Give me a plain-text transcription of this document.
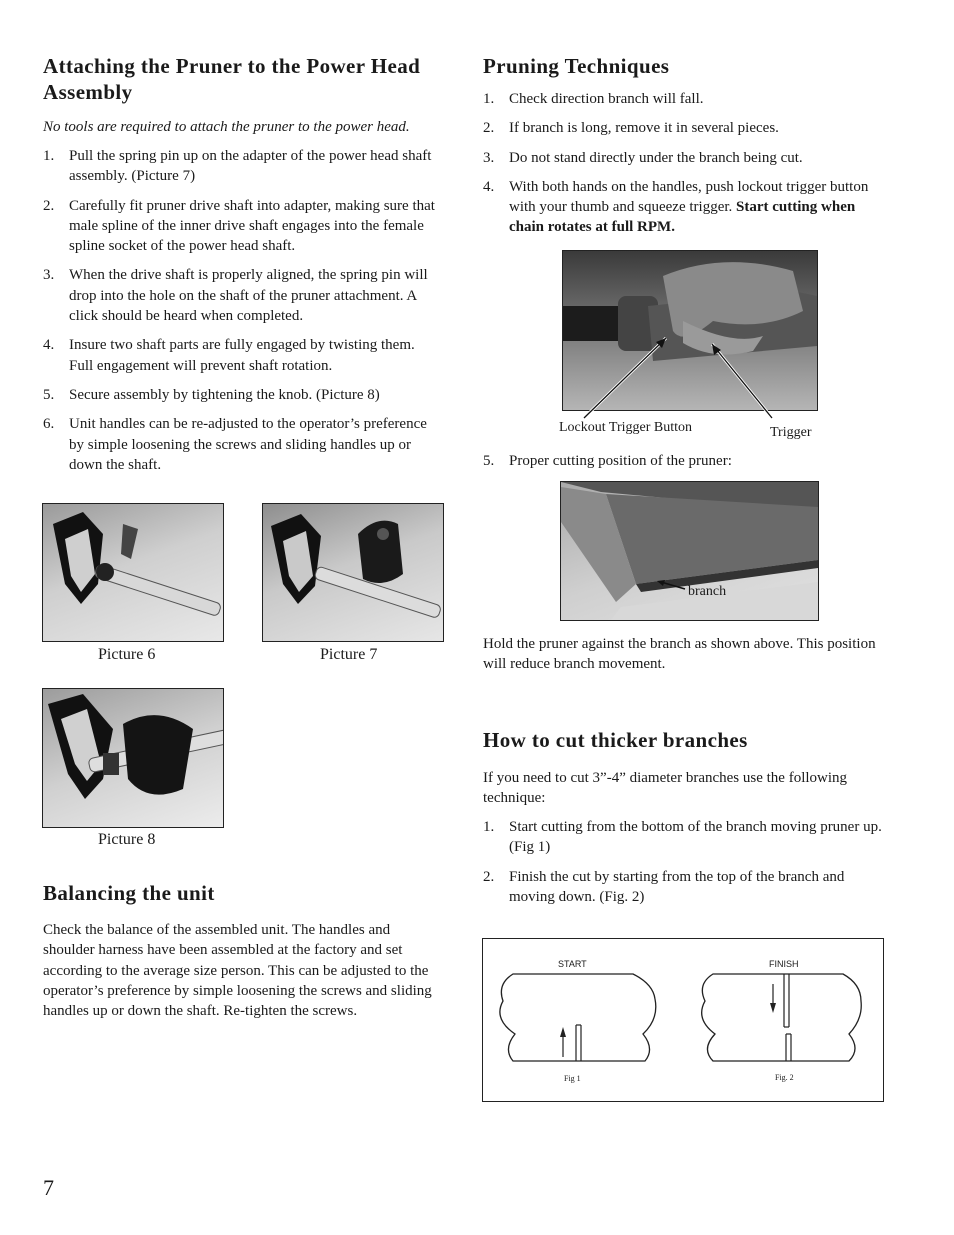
Attaching the Pruner to the Power Head Assembly

No tools are required to attach the pruner to the power head.

1. Pull the spring pin up on the adapter of the power head shaft assembly. (Picture 7)
2. Carefully fit pruner drive shaft into adapter, making sure that male spline of the inner drive shaft engages into the female spline socket of the power head shaft.
3. When the drive shaft is properly aligned, the spring pin will drop into the hole on the shaft of the pruner attachment. A click should be heard when completed.
4. Insure two shaft parts are fully engaged by twisting them. Full engagement will prevent shaft rotation.
5. Secure assembly by tightening the knob. (Picture 8)
6. Unit handles can be re-adjusted to the operator’s preference by simple loosening the screws and sliding handles up or down the shaft.
Picture 6	Picture 7
Picture 8
Balancing the unit

Check the balance of the assembled unit. The handles and shoulder harness have been assembled at the factory and set according to the average size person. This can be adjusted to the operator’s preference by simple loosening the screws and sliding handles up or down the shaft. Re-tighten the screws.

Pruning Techniques
1. Check direction branch will fall.
2. If branch is long, remove it in several pieces.
3. Do not stand directly under the branch being cut.
4. With both hands on the handles, push lockout trigger button with your thumb and squeeze trigger. Start cutting when chain rotates at full RPM.
Lockout Trigger Button	Trigger
5. Proper cutting position of the pruner:
branch

Hold the pruner against the branch as shown above. This position will reduce branch movement.

How to cut thicker branches

If you need to cut 3”-4” diameter branches use the following technique:

1. Start cutting from the bottom of the branch moving pruner up. (Fig 1)
2. Finish the cut by starting from the top of the branch and moving down. (Fig. 2)
START	FINISH
Fig 1	Fig. 2
7
